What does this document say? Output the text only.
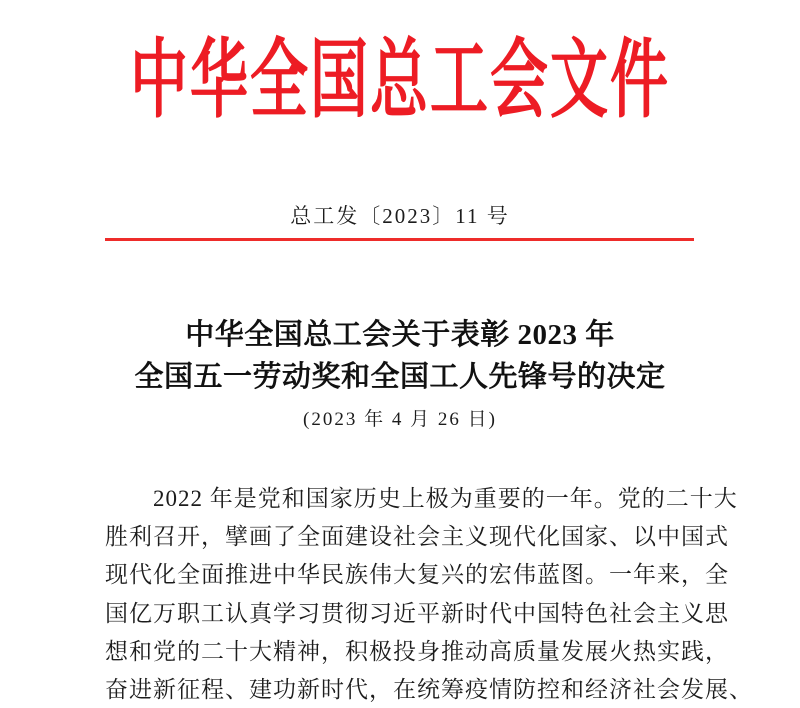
中华全国总工会文件
总工发〔2023〕11 号
中华全国总工会关于表彰 2023 年
全国五一劳动奖和全国工人先锋号的决定
(2023 年 4 月 26 日)
2022 年是党和国家历史上极为重要的一年。党的二十大
胜利召开，擘画了全面建设社会主义现代化国家、以中国式
现代化全面推进中华民族伟大复兴的宏伟蓝图。一年来，全
国亿万职工认真学习贯彻习近平新时代中国特色社会主义思
想和党的二十大精神，积极投身推动高质量发展火热实践，
奋进新征程、建功新时代，在统筹疫情防控和经济社会发展、
